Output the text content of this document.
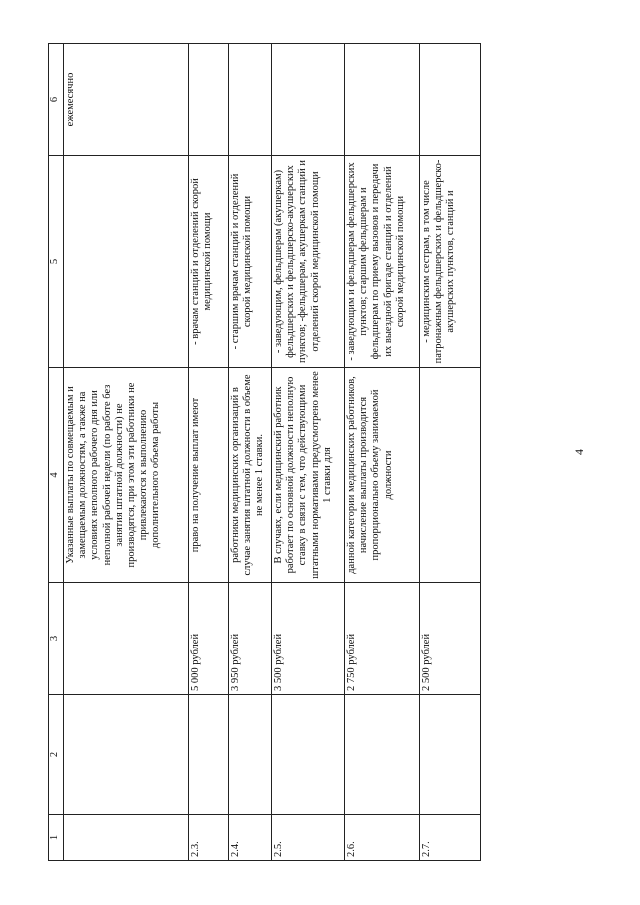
4
1	2	3	4	5	6
			Указанные выплаты по совмещаемым и замещаемым должностям, а также на условиях неполного рабочего дня или неполной рабочей недели (по работе без занятия штатной должности) не производятся, при этом эти работники не привлекаются к выполнению дополнительного объема работы		ежемесячно
2.3.		5 000 рублей	право на получение выплат имеют	- врачам станций и отделений скорой медицинской помощи	
2.4.		3 950 рублей	работники медицинских организаций в случае занятия штатной должности в объеме не менее 1 ставки.	- старшим врачам станций и отделений скорой медицинской помощи	
2.5.		3 500 рублей	В случаях, если медицинский работник работает по основной должности неполную ставку в связи с тем, что действующими штатными нормативами предусмотрено менее 1 ставки для	- заведующим, фельдшерам (акушеркам) фельдшерских и фельдшерско-акушерских пунктов; -фельдшерам, акушеркам станций и отделений скорой медицинской помощи	
2.6.		2 750 рублей	данной категории медицинских работников, начисление выплаты производится пропорционально объему занимаемой должности	- заведующим и фельдшерам фельдшерских пунктов; старшим фельдшерам и фельдшерам по приему вызовов и передачи их выездной бригаде станций и отделений скорой медицинской помощи	
2.7.		2 500 рублей		- медицинским сестрам, в том числе патронажным фельдшерских и фельдшерско-акушерских пунктов, станций и	
